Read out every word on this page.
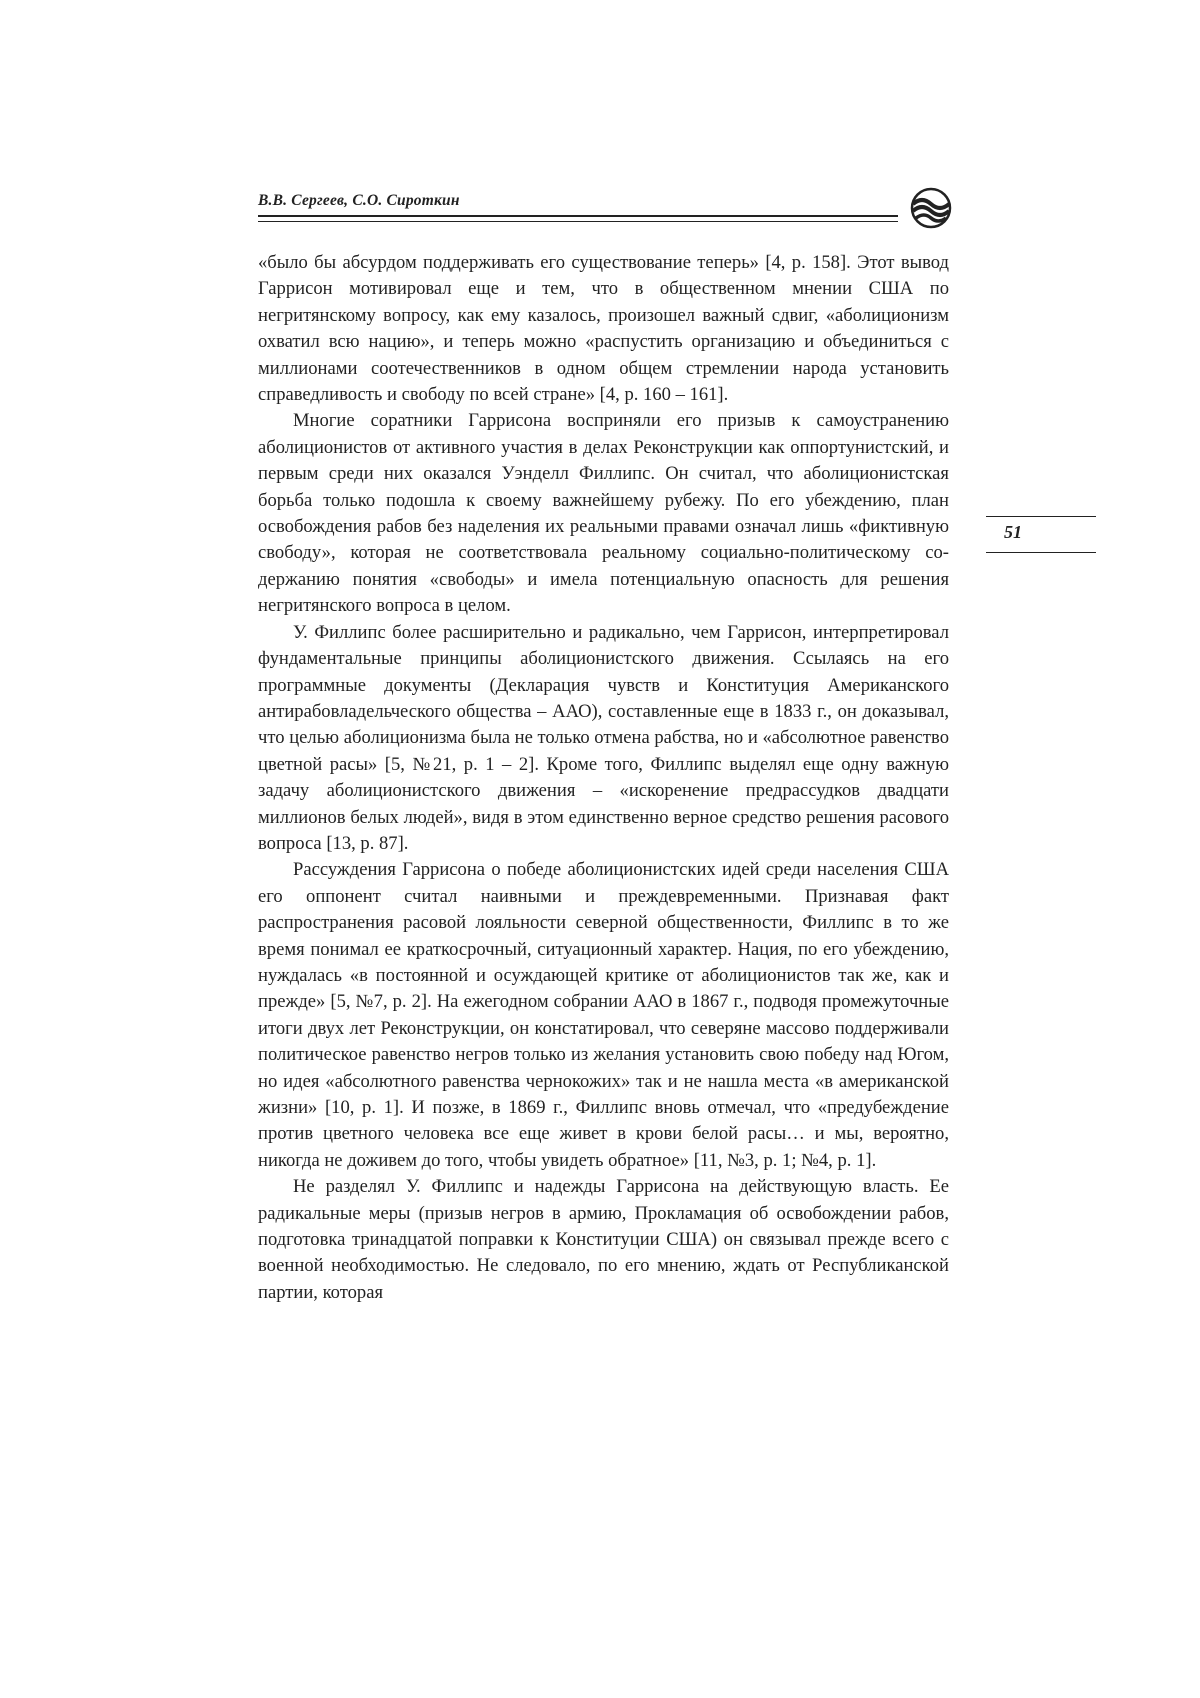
В.В. Сергеев, С.О. Сироткин
51

«было бы абсурдом поддерживать его существование теперь» [4, p. 158]. Этот вывод Гаррисон мотивировал еще и тем, что в общественном мнении США по негритянскому вопросу, как ему казалось, произошел важный сдвиг, «аболиционизм охватил всю нацию», и теперь можно «распустить организацию и объединиться с миллионами соотечественников в одном общем стремлении народа установить справедливость и свободу по всей стране» [4, p. 160 – 161].

Многие соратники Гаррисона восприняли его призыв к самоустранению аболиционистов от активного участия в делах Реконструкции как оппортунистский, и первым среди них оказался Уэнделл Филлипс. Он считал, что аболиционистская борьба только подошла к своему важнейшему рубежу. По его убеждению, план освобождения рабов без наделения их реальными правами означал лишь «фиктивную свободу», которая не соответствовала реальному социально-политическому содержанию понятия «свободы» и имела потенциальную опасность для решения негритянского вопроса в целом.

У. Филлипс более расширительно и радикально, чем Гаррисон, интерпретировал фундаментальные принципы аболиционистского движения. Ссылаясь на его программные документы (Декларация чувств и Конституция Американского антирабовладельческого общества – ААО), составленные еще в 1833 г., он доказывал, что целью аболиционизма была не только отмена рабства, но и «абсолютное равенство цветной расы» [5, №21, p. 1 – 2]. Кроме того, Филлипс выделял еще одну важную задачу аболиционистского движения – «искоренение предрассудков двадцати миллионов белых людей», видя в этом единственно верное средство решения расового вопроса [13, p. 87].

Рассуждения Гаррисона о победе аболиционистских идей среди населения США его оппонент считал наивными и преждевременными. Признавая факт распространения расовой лояльности северной общественности, Филлипс в то же время понимал ее краткосрочный, ситуационный характер. Нация, по его убеждению, нуждалась «в постоянной и осуждающей критике от аболиционистов так же, как и прежде» [5, №7, p. 2]. На ежегодном собрании ААО в 1867 г., подводя промежуточные итоги двух лет Реконструкции, он констатировал, что северяне массово поддерживали политическое равенство негров только из желания установить свою победу над Югом, но идея «абсолютного равенства чернокожих» так и не нашла места «в американской жизни» [10, p. 1]. И позже, в 1869 г., Филлипс вновь отмечал, что «предубеждение против цветного человека все еще живет в крови белой расы… и мы, вероятно, никогда не доживем до того, чтобы увидеть обратное» [11, №3, p. 1; №4, p. 1].

Не разделял У. Филлипс и надежды Гаррисона на действующую власть. Ее радикальные меры (призыв негров в армию, Прокламация об освобождении рабов, подготовка тринадцатой поправки к Конституции США) он связывал прежде всего с военной необходимостью. Не следовало, по его мнению, ждать от Республиканской партии, которая
